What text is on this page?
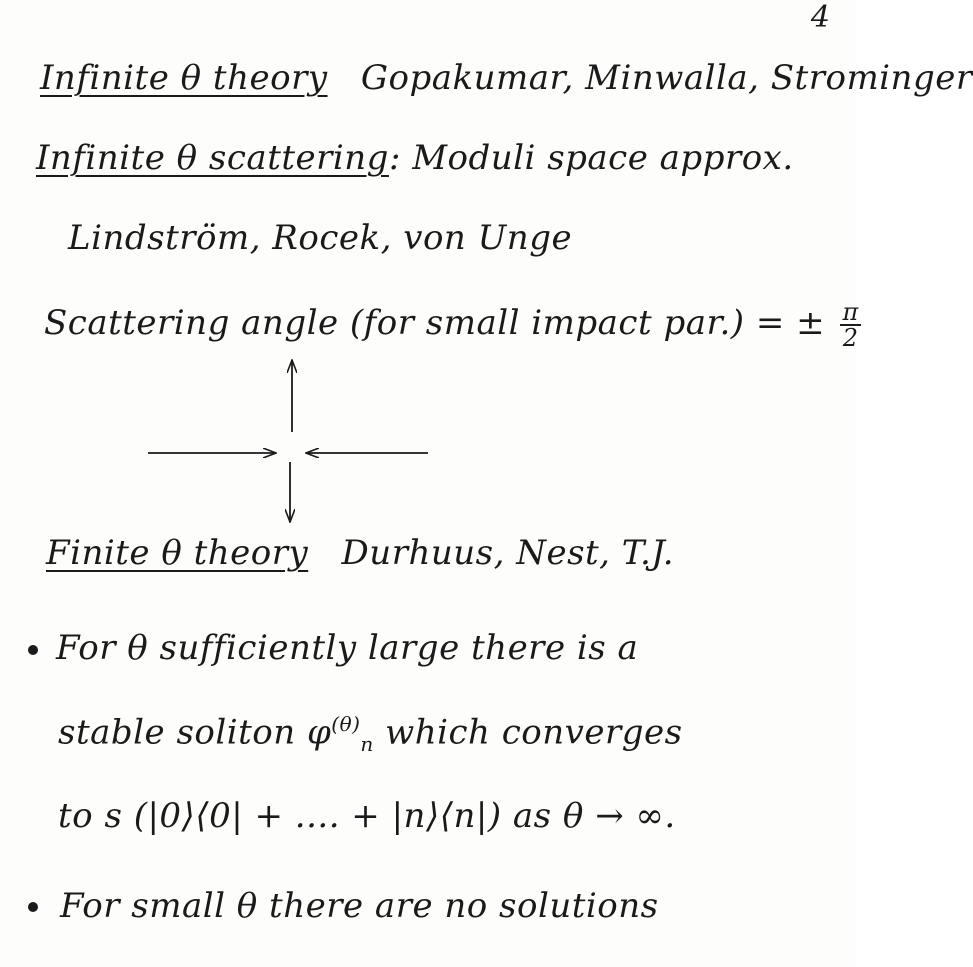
4
Infinite θ theory Gopakumar, Minwalla, Strominger
Infinite θ scattering: Moduli space approx.
Lindström, Rocek, von Unge
Scattering angle (for small impact par.) = ± $\frac{\pi}{2}$
Finite θ theory Durhuus, Nest, T.J.
For θ sufficiently large there is a
stable soliton $\varphi^{(\theta)}_n$ which converges
to s (|0⟩⟨0| + .... + |n⟩⟨n|) as θ → ∞.
For small θ there are no solutions
